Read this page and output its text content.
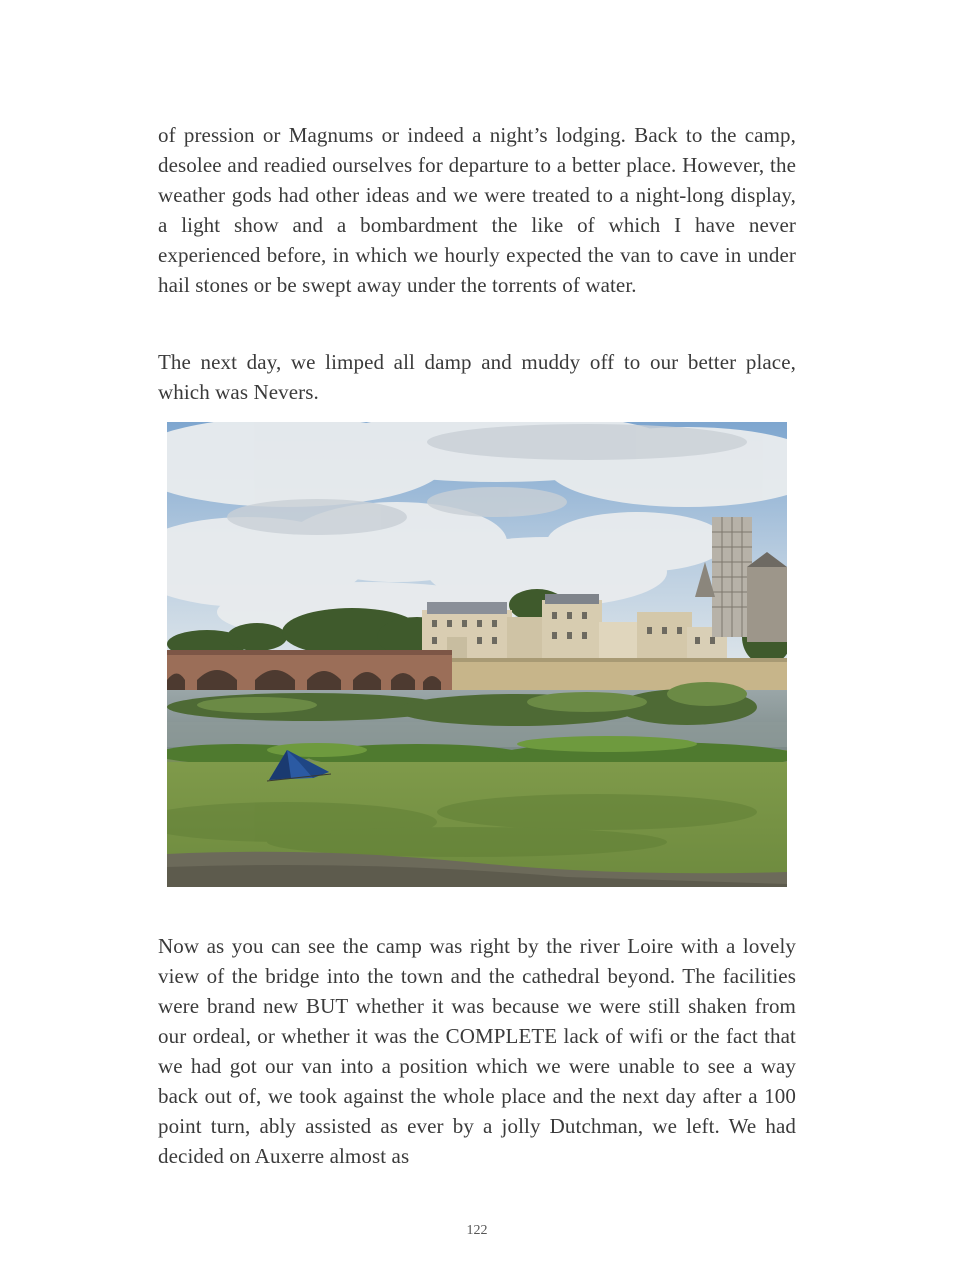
of pression or Magnums or indeed a night’s lodging. Back to the camp, desolee and readied ourselves for departure to a better place. However, the weather gods had other ideas and we were treated to a night-long display, a light show and a bombardment the like of which I have never experienced before, in which we hourly expected the van to cave in under hail stones or be swept away under the torrents of water.

The next day, we limped all damp and muddy off to our better place, which was Nevers.

Now as you can see the camp was right by the river Loire with a lovely view of the bridge into the town and the cathedral beyond. The facilities were brand new BUT whether it was because we were still shaken from our ordeal, or whether it was the COMPLETE lack of wifi or the fact that we had got our van into a position which we were unable to see a way back out of, we took against the whole place and the next day after a 100 point turn, ably assisted as ever by a jolly Dutchman, we left. We had decided on Auxerre almost as

122
